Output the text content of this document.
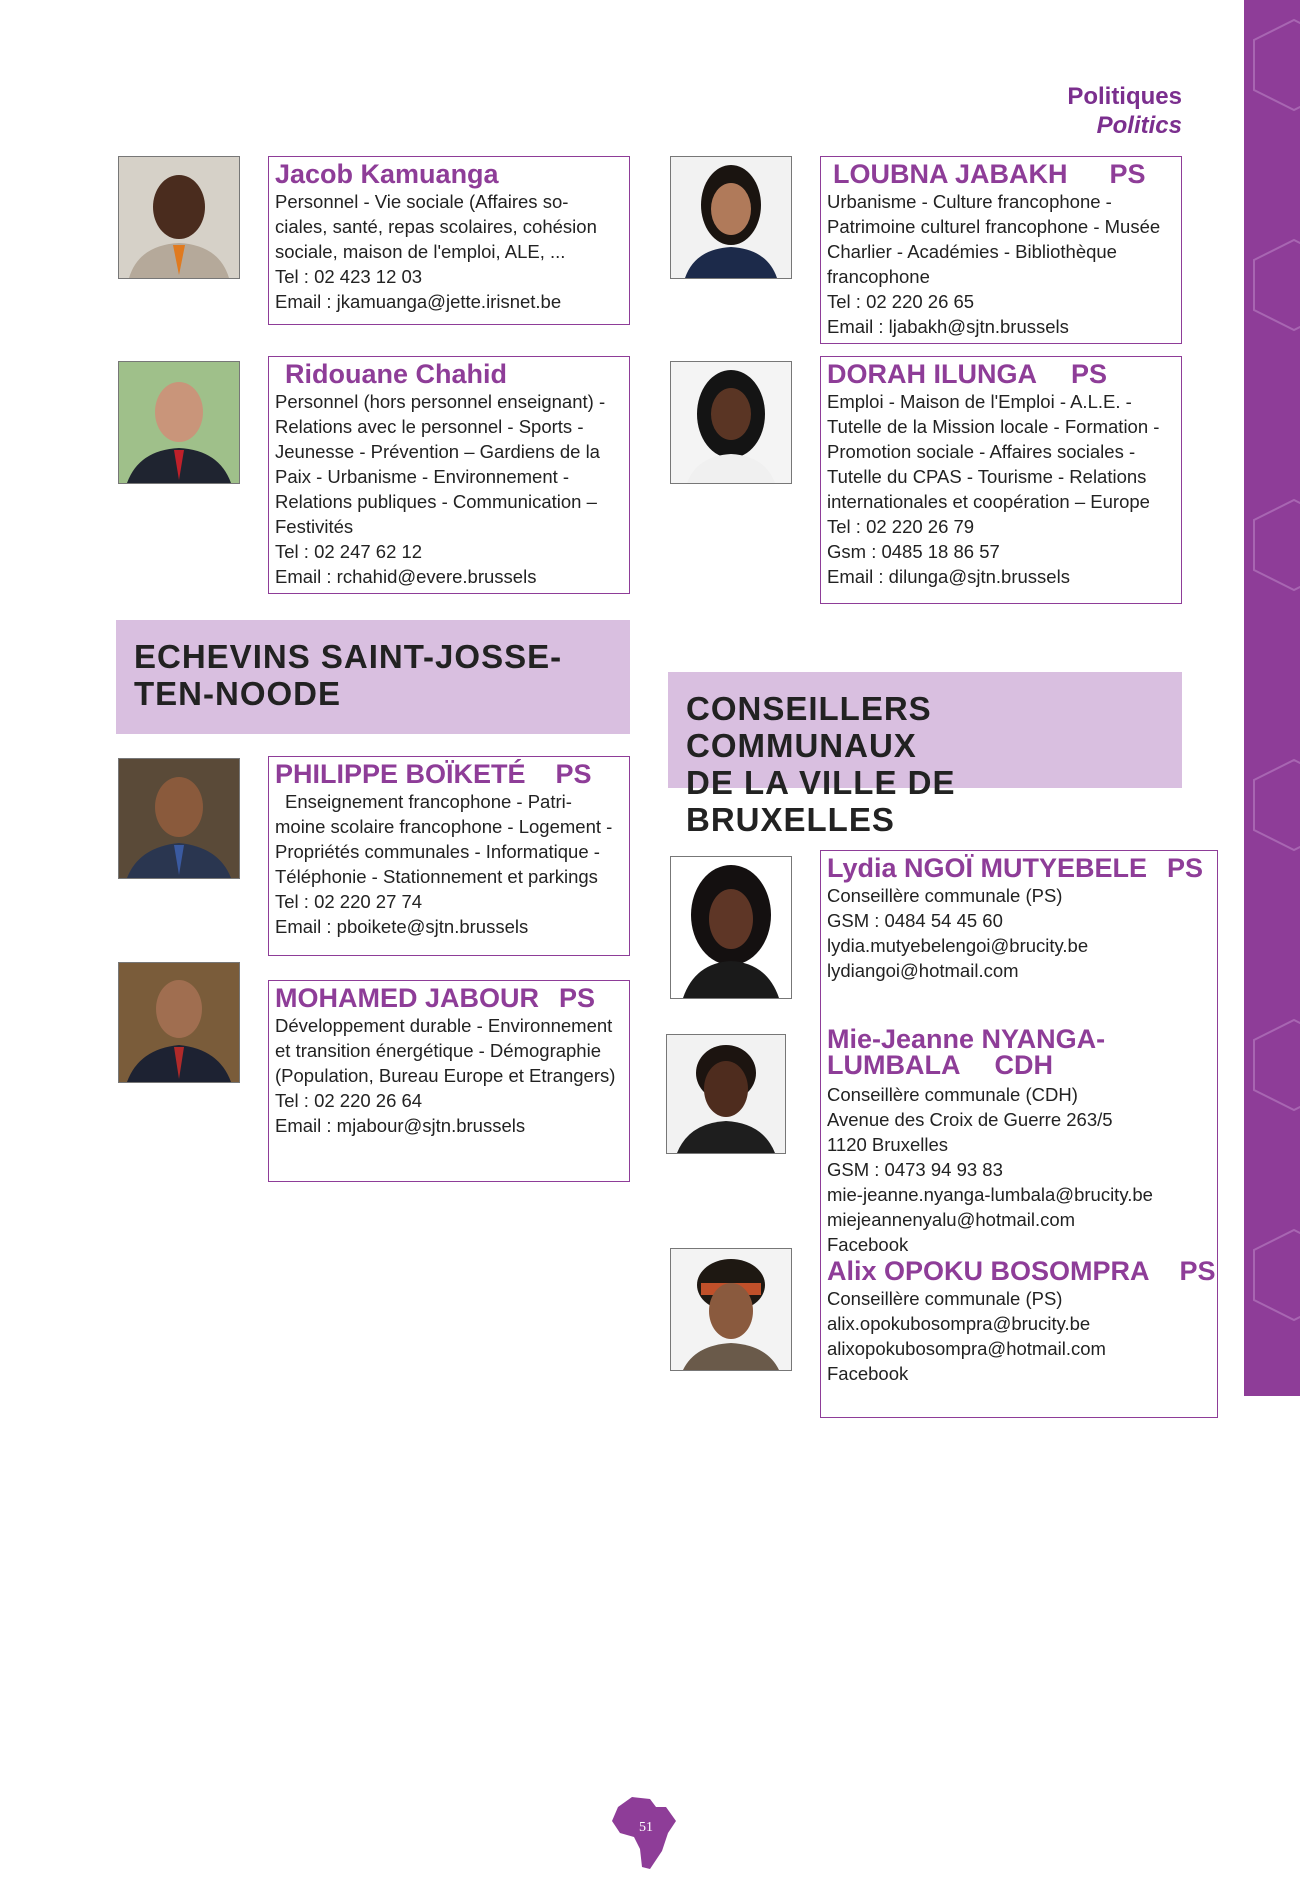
Politiques
Politics
Jacob Kamuanga
Personnel - Vie sociale (Affaires so- ciales, santé, repas scolaires, cohésion sociale, maison de l'emploi, ALE, ...
Tel : 02 423 12 03
Email : jkamuanga@jette.irisnet.be
Ridouane Chahid
Personnel (hors personnel enseignant) - Relations avec le personnel - Sports - Jeunesse - Prévention – Gardiens de la Paix - Urbanisme - Environnement - Relations publiques - Communication – Festivités
Tel : 02 247 62 12
Email : rchahid@evere.brussels
ECHEVINS SAINT-JOSSE-
TEN-NOODE
PHILIPPE BOÏKETÉ PS
Enseignement francophone - Patri- moine scolaire francophone - Logement - Propriétés communales - Informatique - Téléphonie - Stationnement et parkings
Tel : 02 220 27 74
Email : pboikete@sjtn.brussels
MOHAMED JABOUR PS
Développement durable - Environnement et transition énergétique - Démographie (Population, Bureau Europe et Etrangers)
Tel : 02 220 26 64
Email : mjabour@sjtn.brussels
LOUBNA JABAKH PS
Urbanisme - Culture francophone - Patrimoine culturel francophone - Musée Charlier - Académies - Bibliothèque francophone
Tel : 02 220 26 65
Email : ljabakh@sjtn.brussels
DORAH ILUNGA PS
Emploi - Maison de l'Emploi - A.L.E. - Tutelle de la Mission locale - Formation - Promotion sociale - Affaires sociales - Tutelle du CPAS - Tourisme - Relations internationales et coopération – Europe
Tel : 02 220 26 79
Gsm : 0485 18 86 57
Email : dilunga@sjtn.brussels
CONSEILLERS COMMUNAUX
DE LA VILLE DE BRUXELLES
Lydia NGOÏ MUTYEBELE PS
Conseillère communale (PS)
GSM : 0484 54 45 60
lydia.mutyebelengoi@brucity.be
lydiangoi@hotmail.com
Mie-Jeanne NYANGA-
LUMBALA CDH
Conseillère communale (CDH)
Avenue des Croix de Guerre 263/5
1120 Bruxelles
GSM : 0473 94 93 83
mie-jeanne.nyanga-lumbala@brucity.be
miejeannenyalu@hotmail.com
Facebook
Alix OPOKU BOSOMPRA PS
Conseillère communale (PS)
alix.opokubosompra@brucity.be
alixopokubosompra@hotmail.com
Facebook
51
